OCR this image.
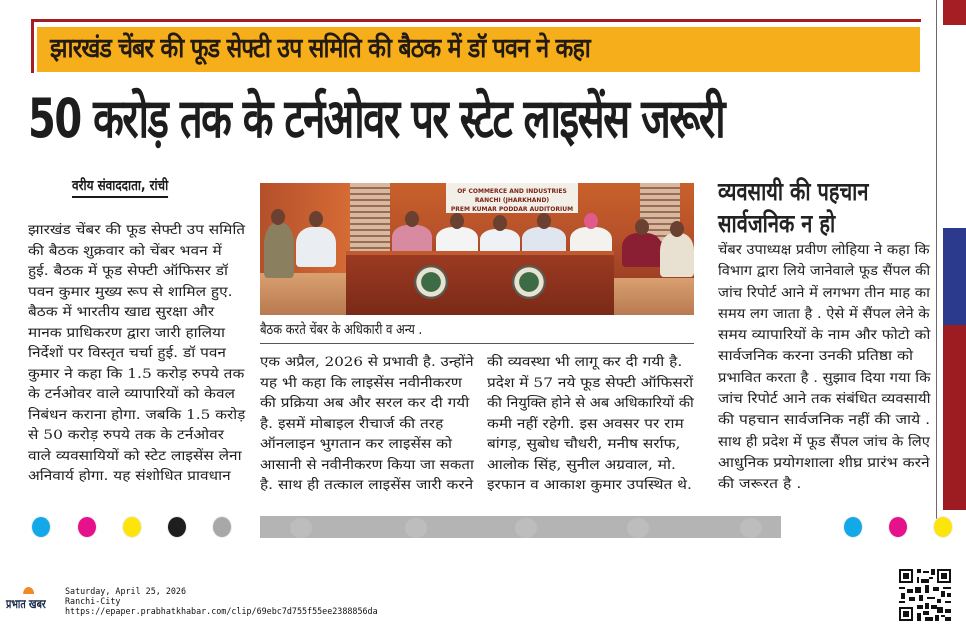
झारखंड चेंबर की फूड सेफ्टी उप समिति की बैठक में डॉ पवन ने कहा
50 करोड़ तक के टर्नओवर पर स्टेट लाइसेंस जरूरी
वरीय संवाददाता, रांची
झारखंड चेंबर की फूड सेफ्टी उप समिति
की बैठक शुक्रवार को चेंबर भवन में
हुई. बैठक में फूड सेफ्टी ऑफिसर डॉ
पवन कुमार मुख्य रूप से शामिल हुए.
बैठक में भारतीय खाद्य सुरक्षा और
मानक प्राधिकरण द्वारा जारी हालिया
निर्देशों पर विस्तृत चर्चा हुई. डॉ पवन
कुमार ने कहा कि 1.5 करोड़ रुपये तक
के टर्नओवर वाले व्यापारियों को केवल
निबंधन कराना होगा. जबकि 1.5 करोड़
से 50 करोड़ रुपये तक के टर्नओवर
वाले व्यवसायियों को स्टेट लाइसेंस लेना
अनिवार्य होगा. यह संशोधित प्रावधान
OF COMMERCE AND INDUSTRIES
RANCHI (JHARKHAND)
PREM KUMAR PODDAR AUDITORIUM
बैठक करते चेंबर के अधिकारी व अन्य .
एक अप्रैल, 2026 से प्रभावी है. उन्होंने
यह भी कहा कि लाइसेंस नवीनीकरण
की प्रक्रिया अब और सरल कर दी गयी
है. इसमें मोबाइल रीचार्ज की तरह
ऑनलाइन भुगतान कर लाइसेंस को
आसानी से नवीनीकरण किया जा सकता
है. साथ ही तत्काल लाइसेंस जारी करने
की व्यवस्था भी लागू कर दी गयी है.
प्रदेश में 57 नये फूड सेफ्टी ऑफिसरों
की नियुक्ति होने से अब अधिकारियों की
कमी नहीं रहेगी. इस अवसर पर राम
बांगड़, सुबोध चौधरी, मनीष सर्राफ,
आलोक सिंह, सुनील अग्रवाल, मो.
इरफान व आकाश कुमार उपस्थित थे.
व्यवसायी की पहचान
सार्वजनिक न हो
चेंबर उपाध्यक्ष प्रवीण लोहिया ने कहा कि
विभाग द्वारा लिये जानेवाले फूड सैंपल की
जांच रिपोर्ट आने में लगभग तीन माह का
समय लग जाता है . ऐसे में सैंपल लेने के
समय व्यापारियों के नाम और फोटो को
सार्वजनिक करना उनकी प्रतिष्ठा को
प्रभावित करता है . सुझाव दिया गया कि
जांच रिपोर्ट आने तक संबंधित व्यवसायी
की पहचान सार्वजनिक नहीं की जाये .
साथ ही प्रदेश में फूड सैंपल जांच के लिए
आधुनिक प्रयोगशाला शीघ्र प्रारंभ करने
की जरूरत है .
प्रभात खबर
Saturday, April 25, 2026
Ranchi-City
https://epaper.prabhatkhabar.com/clip/69ebc7d755f55ee2388856da
